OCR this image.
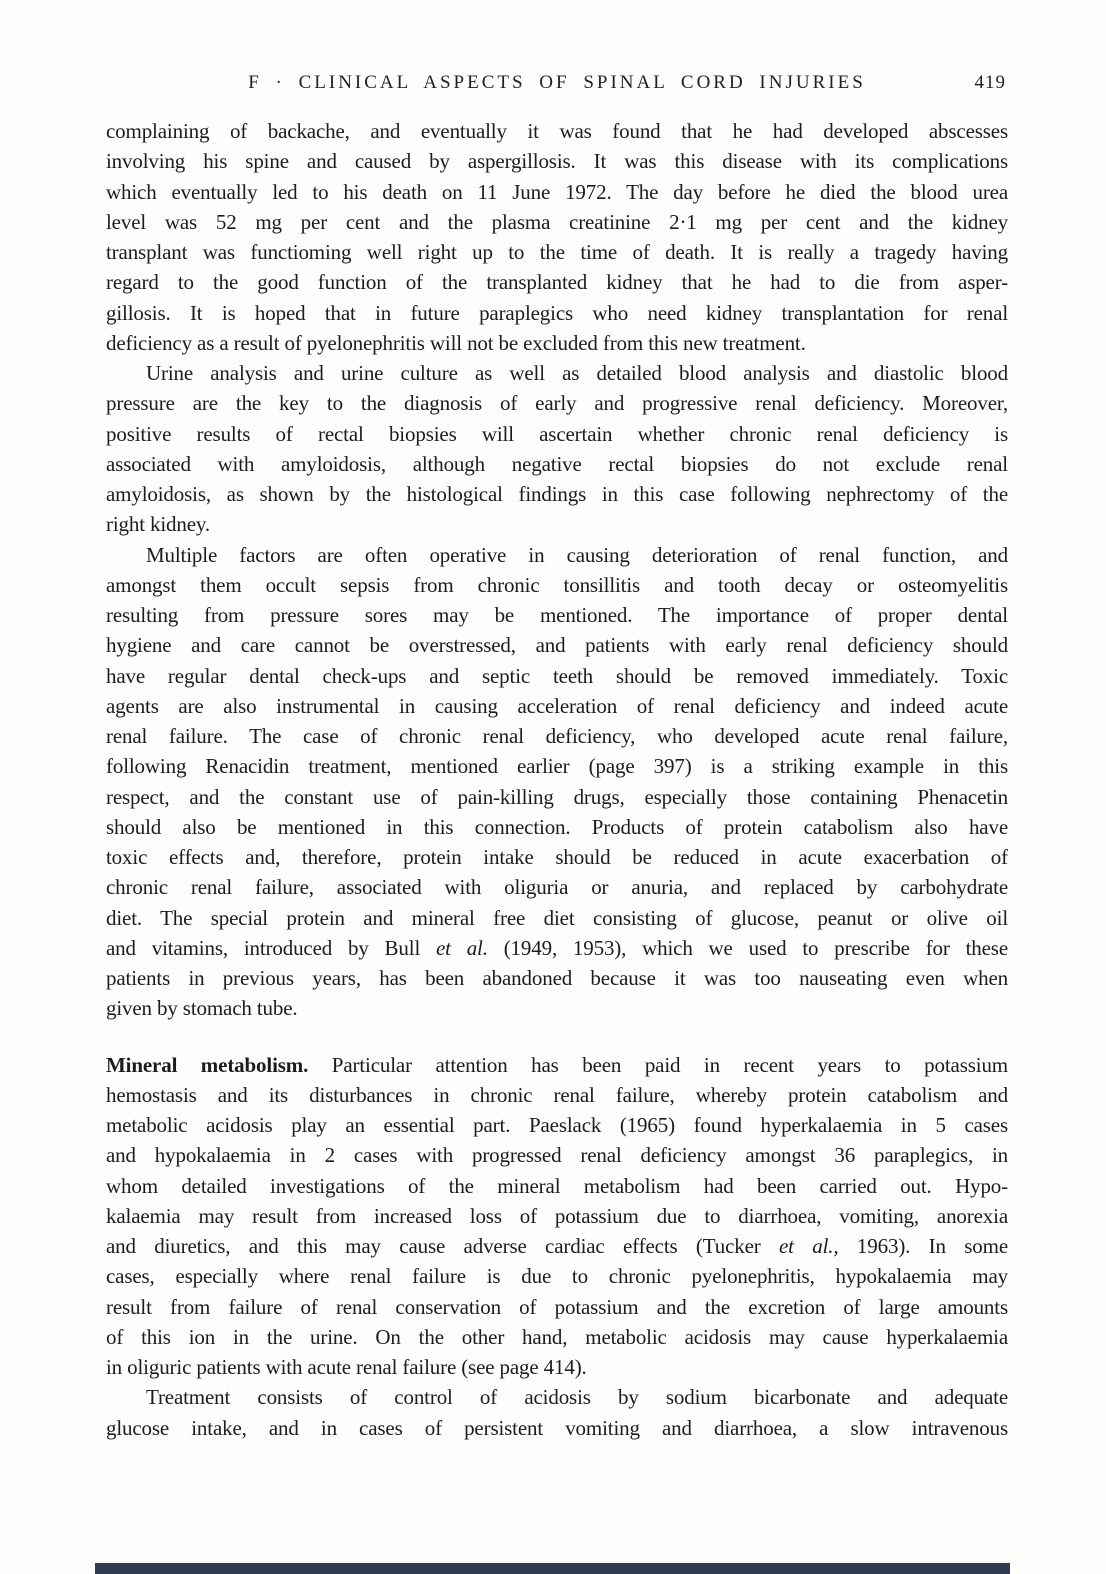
F · CLINICAL ASPECTS OF SPINAL CORD INJURIES	419
complaining of backache, and eventually it was found that he had developed abscesses
involving his spine and caused by aspergillosis. It was this disease with its complications
which eventually led to his death on 11 June 1972. The day before he died the blood urea
level was 52 mg per cent and the plasma creatinine 2·1 mg per cent and the kidney
transplant was functioming well right up to the time of death. It is really a tragedy having
regard to the good function of the transplanted kidney that he had to die from asper-
gillosis. It is hoped that in future paraplegics who need kidney transplantation for renal
deficiency as a result of pyelonephritis will not be excluded from this new treatment.
Urine analysis and urine culture as well as detailed blood analysis and diastolic blood
pressure are the key to the diagnosis of early and progressive renal deficiency. Moreover,
positive results of rectal biopsies will ascertain whether chronic renal deficiency is
associated with amyloidosis, although negative rectal biopsies do not exclude renal
amyloidosis, as shown by the histological findings in this case following nephrectomy of the
right kidney.
Multiple factors are often operative in causing deterioration of renal function, and
amongst them occult sepsis from chronic tonsillitis and tooth decay or osteomyelitis
resulting from pressure sores may be mentioned. The importance of proper dental
hygiene and care cannot be overstressed, and patients with early renal deficiency should
have regular dental check-ups and septic teeth should be removed immediately. Toxic
agents are also instrumental in causing acceleration of renal deficiency and indeed acute
renal failure. The case of chronic renal deficiency, who developed acute renal failure,
following Renacidin treatment, mentioned earlier (page 397) is a striking example in this
respect, and the constant use of pain-killing drugs, especially those containing Phenacetin
should also be mentioned in this connection. Products of protein catabolism also have
toxic effects and, therefore, protein intake should be reduced in acute exacerbation of
chronic renal failure, associated with oliguria or anuria, and replaced by carbohydrate
diet. The special protein and mineral free diet consisting of glucose, peanut or olive oil
and vitamins, introduced by Bull et al. (1949, 1953), which we used to prescribe for these
patients in previous years, has been abandoned because it was too nauseating even when
given by stomach tube.
Mineral metabolism. Particular attention has been paid in recent years to potassium
hemostasis and its disturbances in chronic renal failure, whereby protein catabolism and
metabolic acidosis play an essential part. Paeslack (1965) found hyperkalaemia in 5 cases
and hypokalaemia in 2 cases with progressed renal deficiency amongst 36 paraplegics, in
whom detailed investigations of the mineral metabolism had been carried out. Hypo-
kalaemia may result from increased loss of potassium due to diarrhoea, vomiting, anorexia
and diuretics, and this may cause adverse cardiac effects (Tucker et al., 1963). In some
cases, especially where renal failure is due to chronic pyelonephritis, hypokalaemia may
result from failure of renal conservation of potassium and the excretion of large amounts
of this ion in the urine. On the other hand, metabolic acidosis may cause hyperkalaemia
in oliguric patients with acute renal failure (see page 414).
Treatment consists of control of acidosis by sodium bicarbonate and adequate
glucose intake, and in cases of persistent vomiting and diarrhoea, a slow intravenous
